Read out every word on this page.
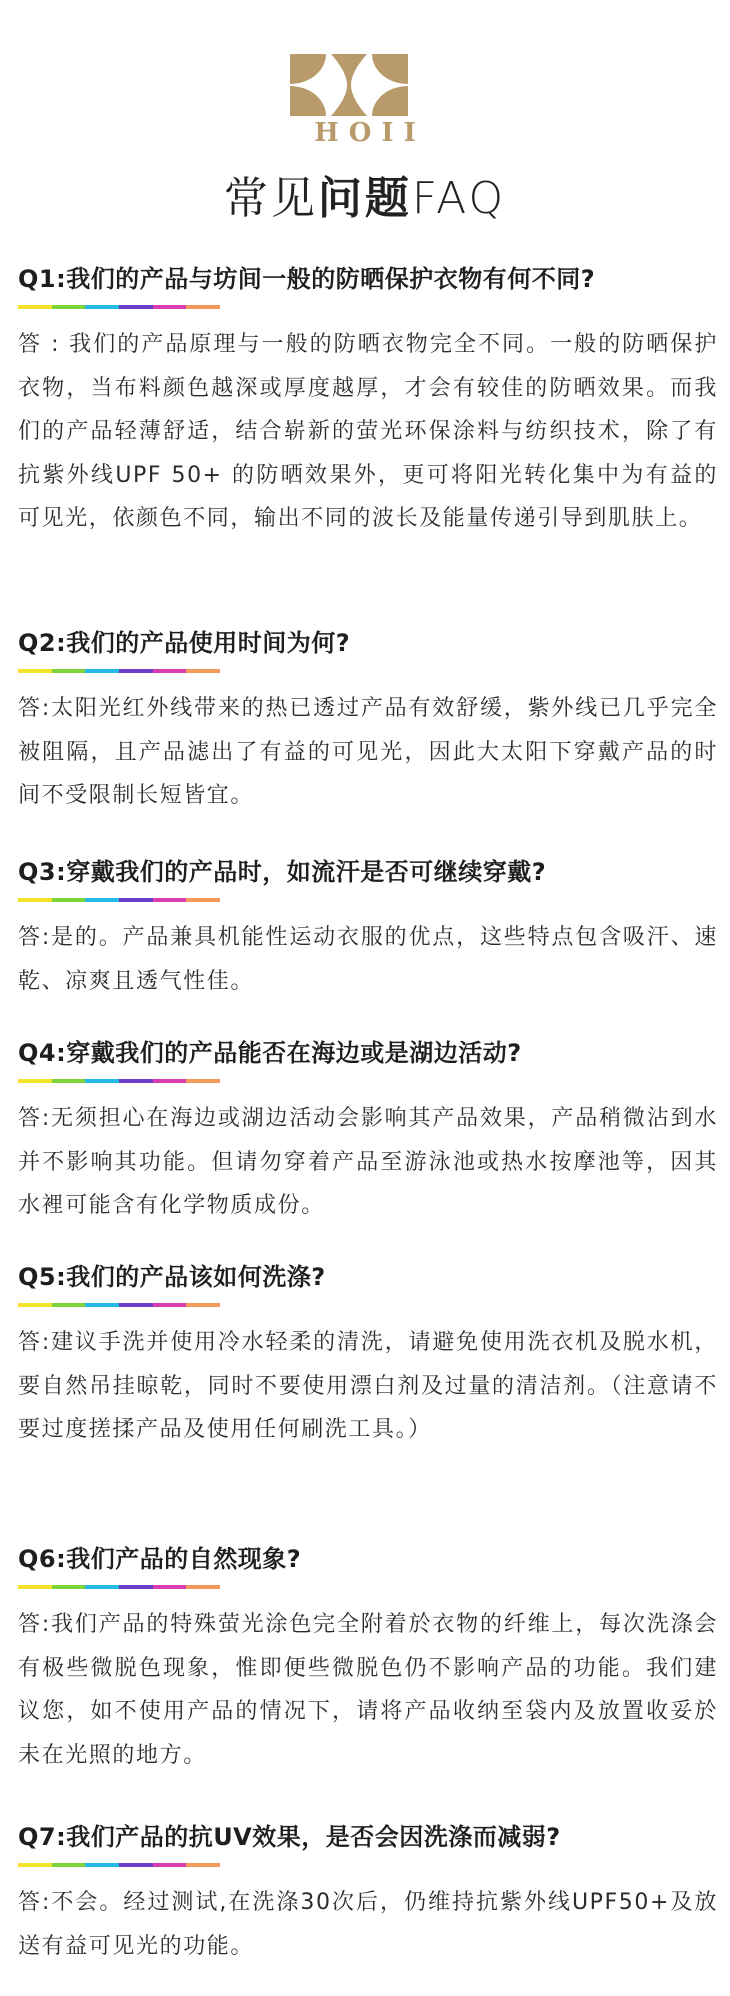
HOII
常见问题FAQ
Q1:我们的产品与坊间一般的防晒保护衣物有何不同?
答 : 我们的产品原理与一般的防晒衣物完全不同。一般的防晒保护衣物，当布料颜色越深或厚度越厚，才会有较佳的防晒效果。而我们的产品轻薄舒适，结合崭新的萤光环保涂料与纺织技术，除了有抗紫外线UPF 50+ 的防晒效果外，更可将阳光转化集中为有益的可见光，依颜色不同，输出不同的波长及能量传递引导到肌肤上。
Q2:我们的产品使用时间为何?
答:太阳光红外线带来的热已透过产品有效舒缓，紫外线已几乎完全被阻隔，且产品滤出了有益的可见光，因此大太阳下穿戴产品的时间不受限制长短皆宜。
Q3:穿戴我们的产品时，如流汗是否可继续穿戴?
答:是的。产品兼具机能性运动衣服的优点，这些特点包含吸汗、速乾、凉爽且透气性佳。
Q4:穿戴我们的产品能否在海边或是湖边活动?
答:无须担心在海边或湖边活动会影响其产品效果，产品稍微沾到水并不影响其功能。但请勿穿着产品至游泳池或热水按摩池等，因其水裡可能含有化学物质成份。
Q5:我们的产品该如何洗涤?
答:建议手洗并使用冷水轻柔的清洗，请避免使用洗衣机及脱水机，要自然吊挂晾乾，同时不要使用漂白剂及过量的清洁剂。（注意请不要过度搓揉产品及使用任何刷洗工具。）
Q6:我们产品的自然现象?
答:我们产品的特殊萤光涂色完全附着於衣物的纤维上，每次洗涤会有极些微脱色现象，惟即便些微脱色仍不影响产品的功能。我们建议您，如不使用产品的情况下，请将产品收纳至袋内及放置收妥於未在光照的地方。
Q7:我们产品的抗UV效果，是否会因洗涤而减弱?
答:不会。经过测试,在洗涤30次后，仍维持抗紫外线UPF50+及放送有益可见光的功能。
